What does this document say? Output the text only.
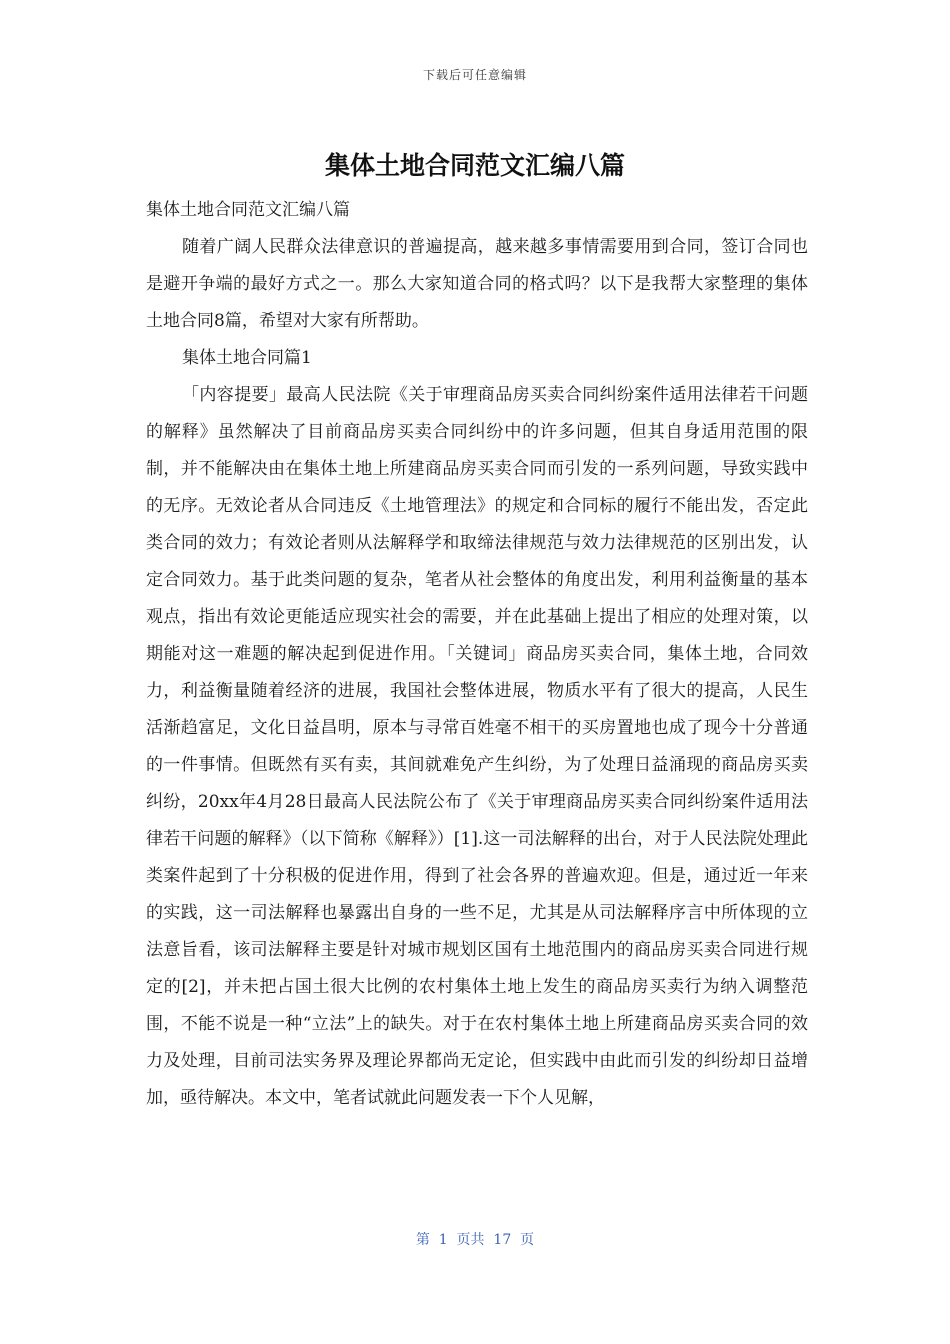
下载后可任意编辑
集体土地合同范文汇编八篇

集体土地合同范文汇编八篇

随着广阔人民群众法律意识的普遍提高，越来越多事情需要用到合同，签订合同也是避开争端的最好方式之一。那么大家知道合同的格式吗？以下是我帮大家整理的集体土地合同8篇，希望对大家有所帮助。

集体土地合同篇1

「内容提要」最高人民法院《关于审理商品房买卖合同纠纷案件适用法律若干问题的解释》虽然解决了目前商品房买卖合同纠纷中的许多问题，但其自身适用范围的限制，并不能解决由在集体土地上所建商品房买卖合同而引发的一系列问题，导致实践中的无序。无效论者从合同违反《土地管理法》的规定和合同标的履行不能出发，否定此类合同的效力；有效论者则从法解释学和取缔法律规范与效力法律规范的区别出发，认定合同效力。基于此类问题的复杂，笔者从社会整体的角度出发，利用利益衡量的基本观点，指出有效论更能适应现实社会的需要，并在此基础上提出了相应的处理对策，以期能对这一难题的解决起到促进作用。「关键词」商品房买卖合同，集体土地，合同效力，利益衡量随着经济的进展，我国社会整体进展，物质水平有了很大的提高，人民生活渐趋富足，文化日益昌明，原本与寻常百姓毫不相干的买房置地也成了现今十分普通的一件事情。但既然有买有卖，其间就难免产生纠纷，为了处理日益涌现的商品房买卖纠纷，20xx年4月28日最高人民法院公布了《关于审理商品房买卖合同纠纷案件适用法律若干问题的解释》（以下简称《解释》）[1].这一司法解释的出台，对于人民法院处理此类案件起到了十分积极的促进作用，得到了社会各界的普遍欢迎。但是，通过近一年来的实践，这一司法解释也暴露出自身的一些不足，尤其是从司法解释序言中所体现的立法意旨看，该司法解释主要是针对城市规划区国有土地范围内的商品房买卖合同进行规定的[2]，并未把占国土很大比例的农村集体土地上发生的商品房买卖行为纳入调整范围，不能不说是一种“立法”上的缺失。对于在农村集体土地上所建商品房买卖合同的效力及处理，目前司法实务界及理论界都尚无定论，但实践中由此而引发的纠纷却日益增加，亟待解决。本文中，笔者试就此问题发表一下个人见解，

第  1  页共  17  页
